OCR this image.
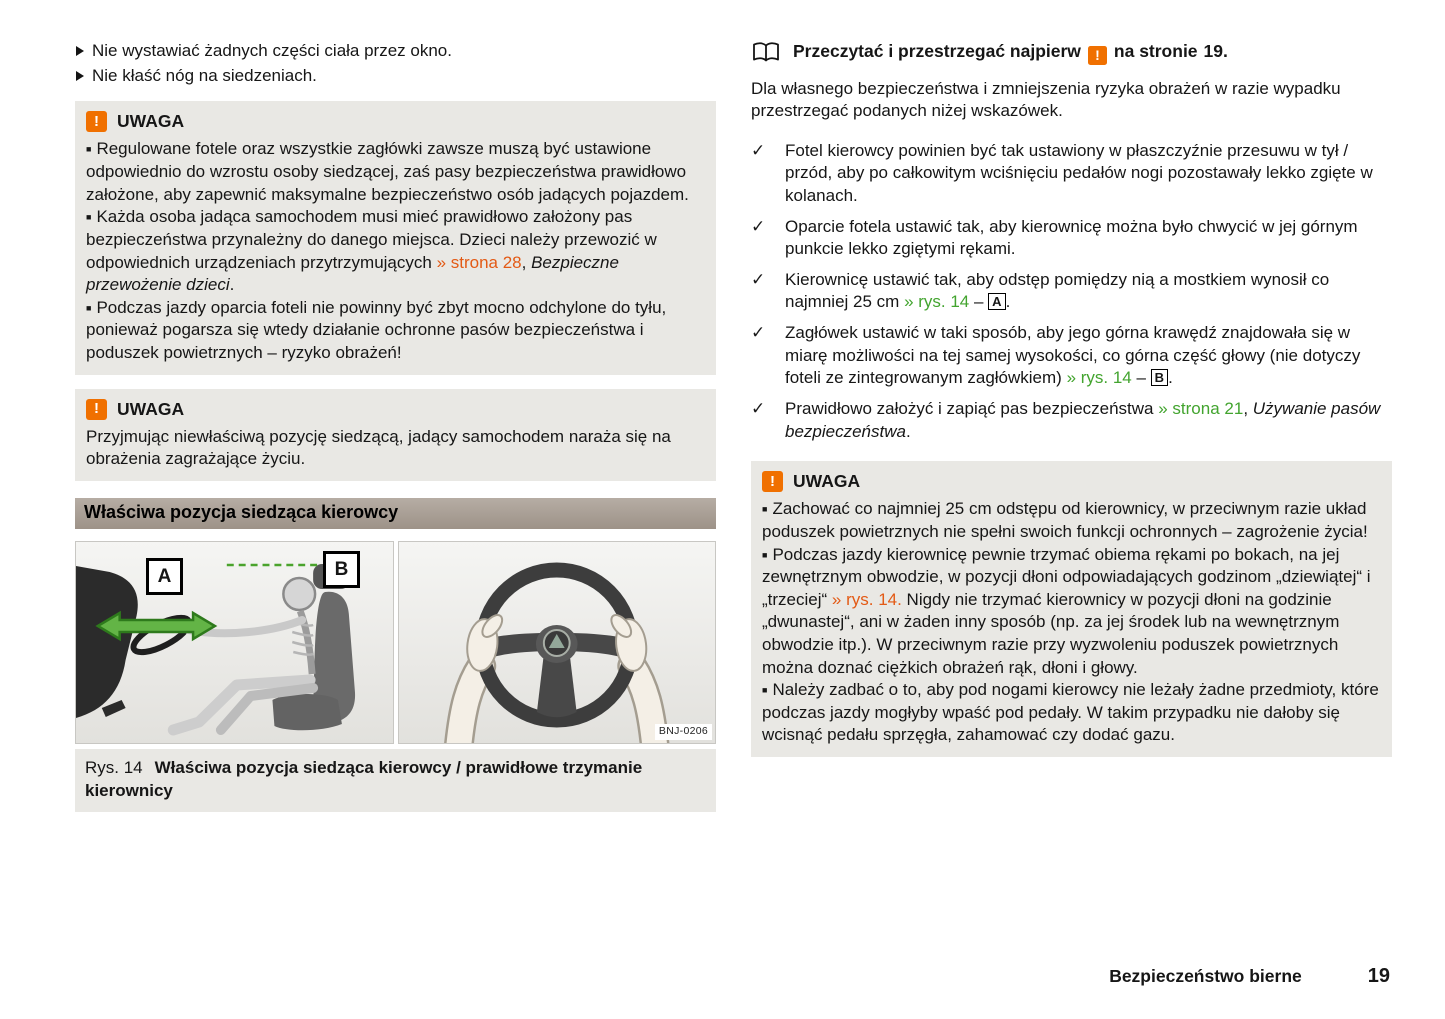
Nie wystawiać żadnych części ciała przez okno.
Nie kłaść nóg na siedzeniach.
!	UWAGA

■ Regulowane fotele oraz wszystkie zagłówki zawsze muszą być ustawione odpowiednio do wzrostu osoby siedzącej, zaś pasy bezpieczeństwa prawidłowo założone, aby zapewnić maksymalne bezpieczeństwo osób jadących pojazdem.

■ Każda osoba jadąca samochodem musi mieć prawidłowo założony pas bezpieczeństwa przynależny do danego miejsca. Dzieci należy przewozić w odpowiednich urządzeniach przytrzymujących » strona 28, Bezpieczne przewożenie dzieci.

■ Podczas jazdy oparcia foteli nie powinny być zbyt mocno odchylone do tyłu, ponieważ pogarsza się wtedy działanie ochronne pasów bezpieczeństwa i poduszek powietrznych – ryzyko obrażeń!

!	UWAGA

Przyjmując niewłaściwą pozycję siedzącą, jadący samochodem naraża się na obrażenia zagrażające życiu.

Właściwa pozycja siedząca kierowcy
A	B
BNJ-0206
Rys. 14 Właściwa pozycja siedząca kierowcy / prawidłowe trzymanie kierownicy
Przeczytać i przestrzegać najpierw ! na stronie 19.

Dla własnego bezpieczeństwa i zmniejszenia ryzyka obrażeń w razie wypadku przestrzegać podanych niżej wskazówek.

✓	Fotel kierowcy powinien być tak ustawiony w płaszczyźnie przesuwu w tył / przód, aby po całkowitym wciśnięciu pedałów nogi pozostawały lekko zgięte w kolanach.
✓	Oparcie fotela ustawić tak, aby kierownicę można było chwycić w jej górnym punkcie lekko zgiętymi rękami.
✓	Kierownicę ustawić tak, aby odstęp pomiędzy nią a mostkiem wynosił co najmniej 25 cm » rys. 14 – A .
✓	Zagłówek ustawić w taki sposób, aby jego górna krawędź znajdowała się w miarę możliwości na tej samej wysokości, co górna część głowy (nie dotyczy foteli ze zintegrowanym zagłówkiem) » rys. 14 – B .
✓	Prawidłowo założyć i zapiąć pas bezpieczeństwa » strona 21, Używanie pasów bezpieczeństwa.
!	UWAGA

■ Zachować co najmniej 25 cm odstępu od kierownicy, w przeciwnym razie układ poduszek powietrznych nie spełni swoich funkcji ochronnych – zagrożenie życia!

■ Podczas jazdy kierownicę pewnie trzymać obiema rękami po bokach, na jej zewnętrznym obwodzie, w pozycji dłoni odpowiadających godzinom „dziewiątej“ i „trzeciej“ » rys. 14. Nigdy nie trzymać kierownicy w pozycji dłoni na godzinie „dwunastej“, ani w żaden inny sposób (np. za jej środek lub na wewnętrznym obwodzie itp.). W przeciwnym razie przy wyzwoleniu poduszek powietrznych można doznać ciężkich obrażeń rąk, dłoni i głowy.

■ Należy zadbać o to, aby pod nogami kierowcy nie leżały żadne przedmioty, które podczas jazdy mogłyby wpaść pod pedały. W takim przypadku nie dałoby się wcisnąć pedału sprzęgła, zahamować czy dodać gazu.

Bezpieczeństwo bierne	19
